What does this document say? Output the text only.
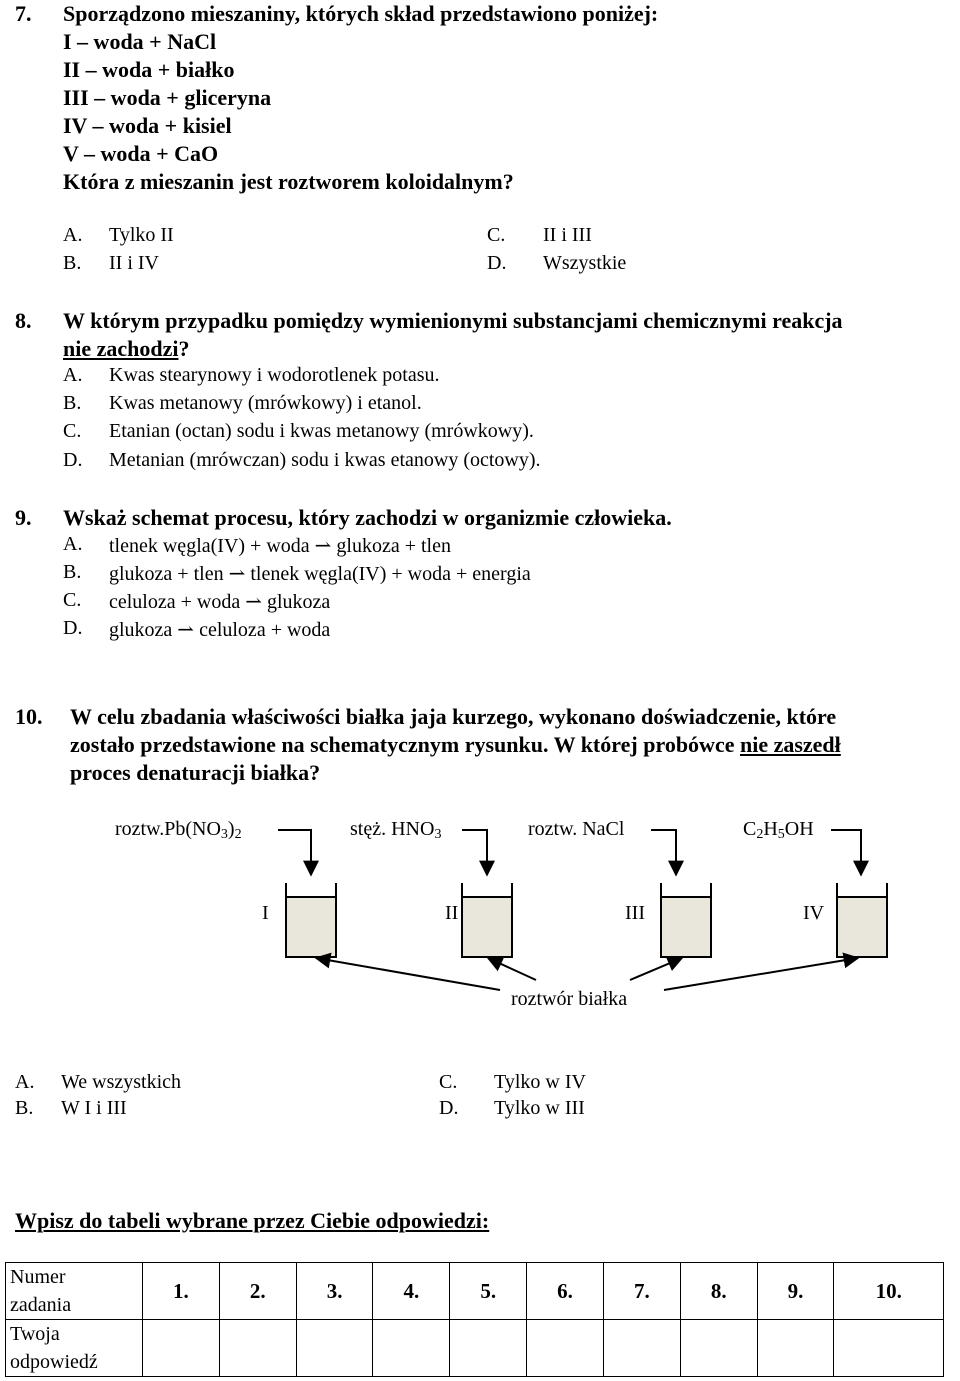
7. Sporządzono mieszaniny, których skład przedstawiono poniżej:
I – woda + NaCl
II – woda + białko
III – woda + gliceryna
IV – woda + kisiel
V – woda + CaO
Która z mieszanin jest roztworem koloidalnym?
A. Tylko II
B. II i IV
C. II i III
D. Wszystkie
8. W którym przypadku pomiędzy wymienionymi substancjami chemicznymi reakcja
nie zachodzi?
A. Kwas stearynowy i wodorotlenek potasu.
B. Kwas metanowy (mrówkowy) i etanol.
C. Etanian (octan) sodu i kwas metanowy (mrówkowy).
D. Metanian (mrówczan) sodu i kwas etanowy (octowy).
9. Wskaż schemat procesu, który zachodzi w organizmie człowieka.
A. tlenek węgla(IV) + woda ⇀ glukoza + tlen
B. glukoza + tlen ⇀ tlenek węgla(IV) + woda + energia
C. celuloza + woda ⇀ glukoza
D. glukoza ⇀ celuloza + woda
10. W celu zbadania właściwości białka jaja kurzego, wykonano doświadczenie, które
zostało przedstawione na schematycznym rysunku. W której probówce nie zaszedł
proces denaturacji białka?
$roztw.Pb(NO_3)_2$	stęż. $HNO_3$	roztw. NaCl	$C_2H_5OH$
I	II	III	IV
roztwór białka
A. We wszystkich
B. W I i III
C. Tylko w IV
D. Tylko w III
Wpisz do tabeli wybrane przez Ciebie odpowiedzi:
Numer
zadania	1.	2.	3.	4.	5.	6.	7.	8.	9.	10.
Twoja
odpowiedź										
